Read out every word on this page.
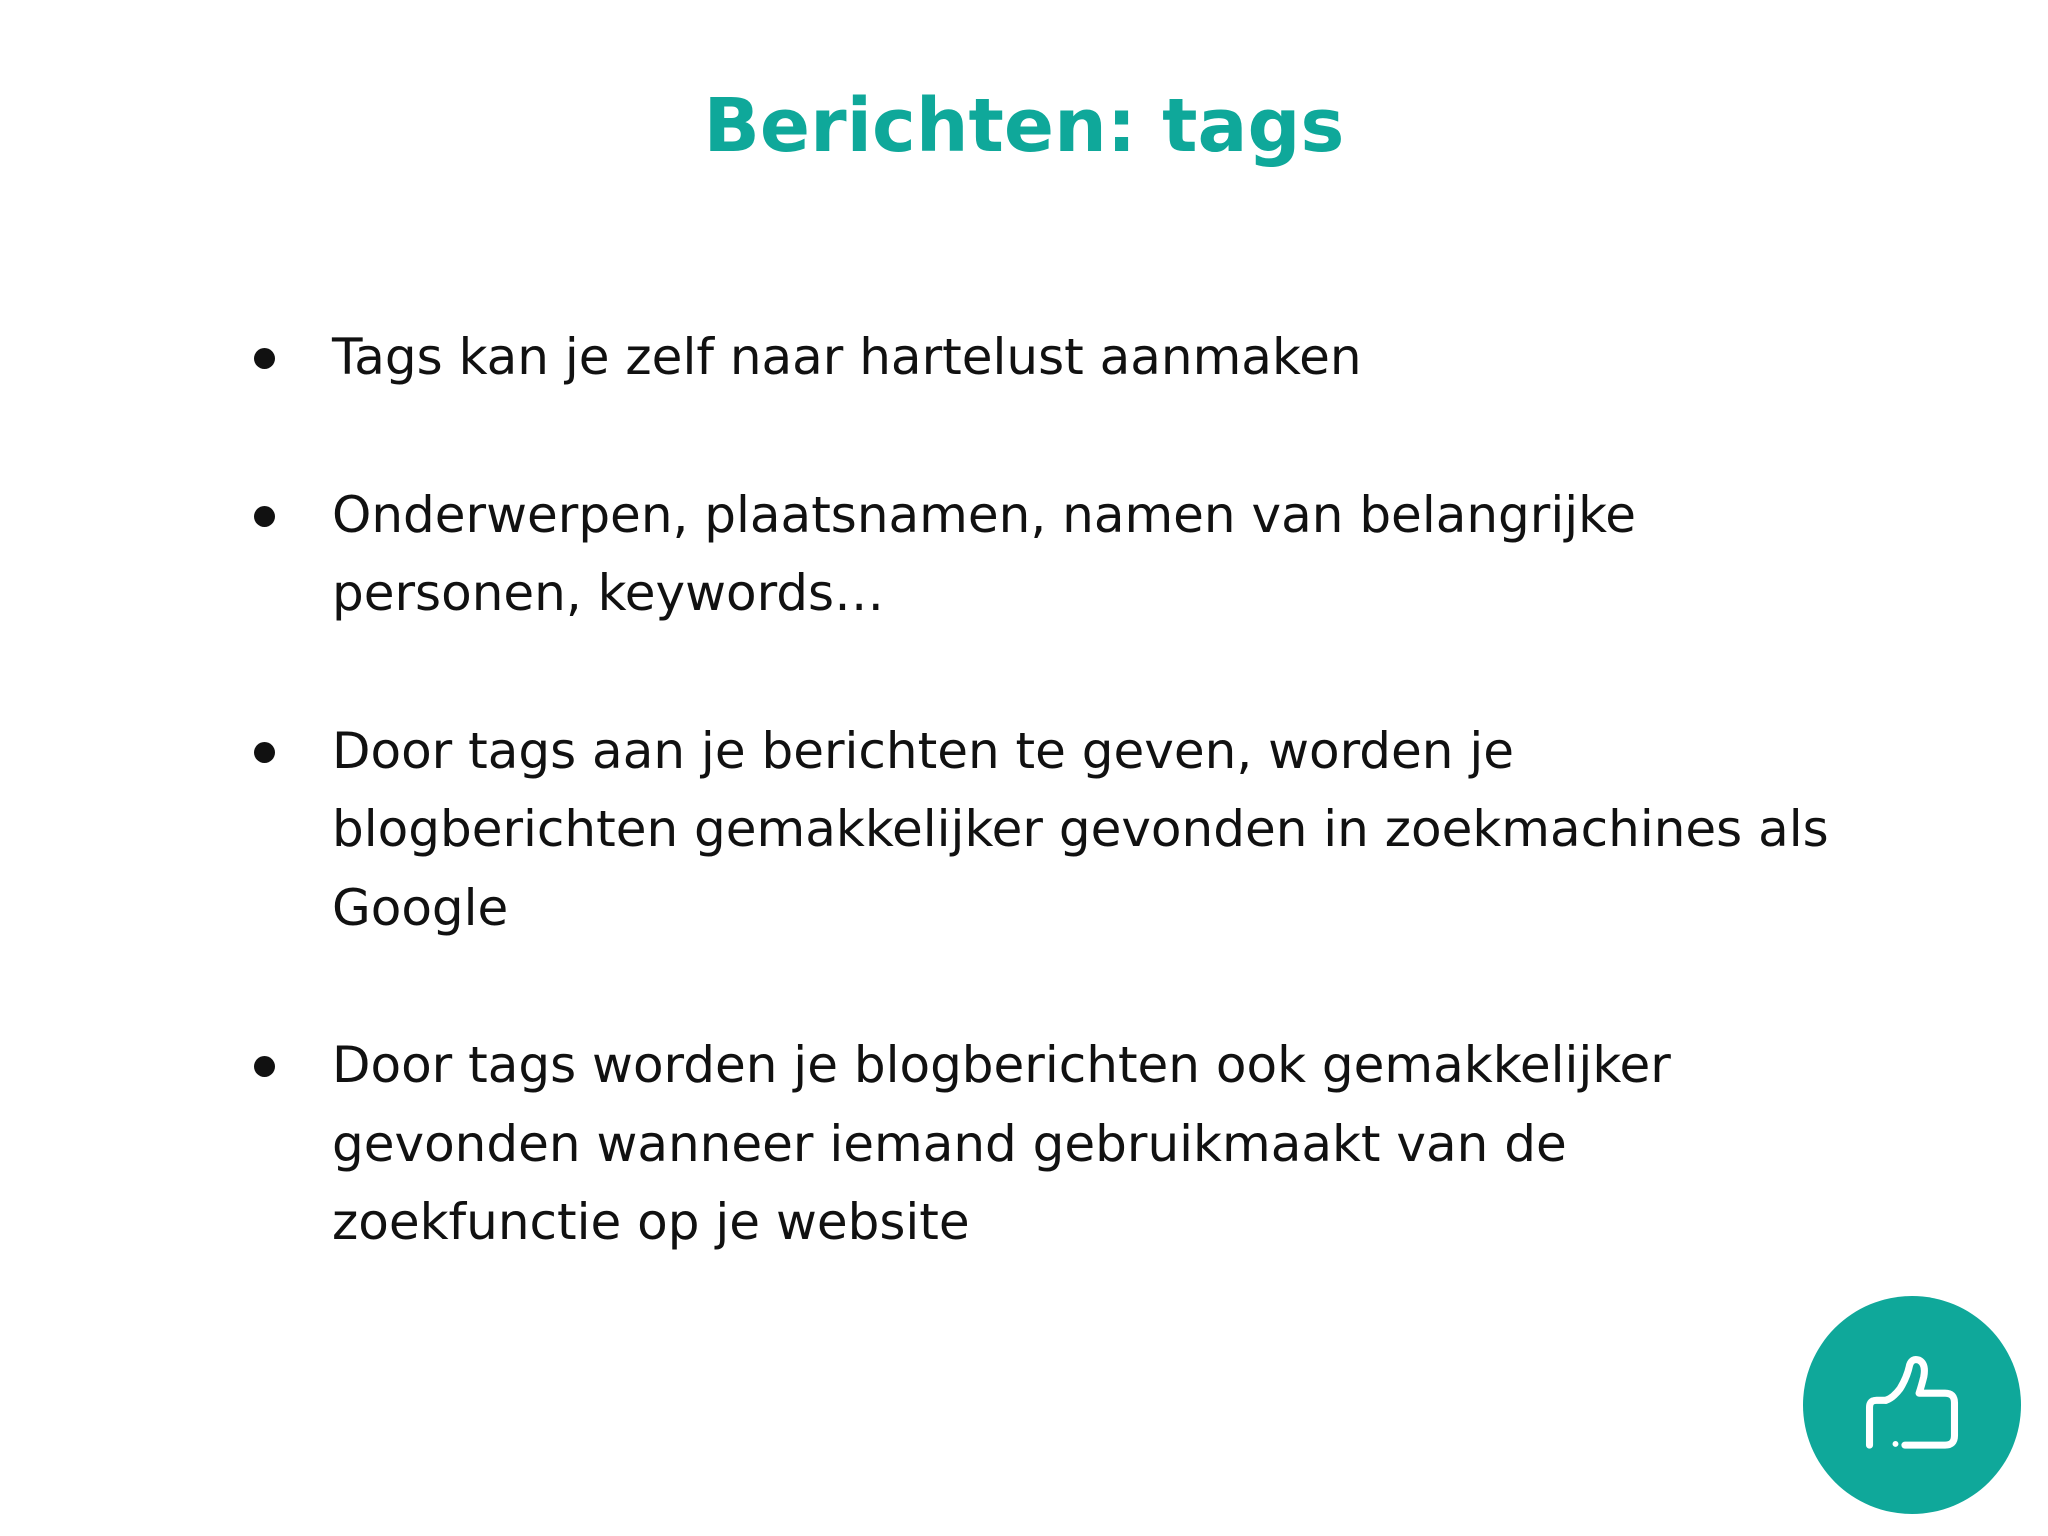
Berichten: tags
Tags kan je zelf naar hartelust aanmaken
Onderwerpen, plaatsnamen, namen van belangrijke personen, keywords…
Door tags aan je berichten te geven, worden je blogberichten gemakkelijker gevonden in zoekmachines als Google
Door tags worden je blogberichten ook gemakkelijker gevonden wanneer iemand gebruikmaakt van de zoekfunctie op je website
